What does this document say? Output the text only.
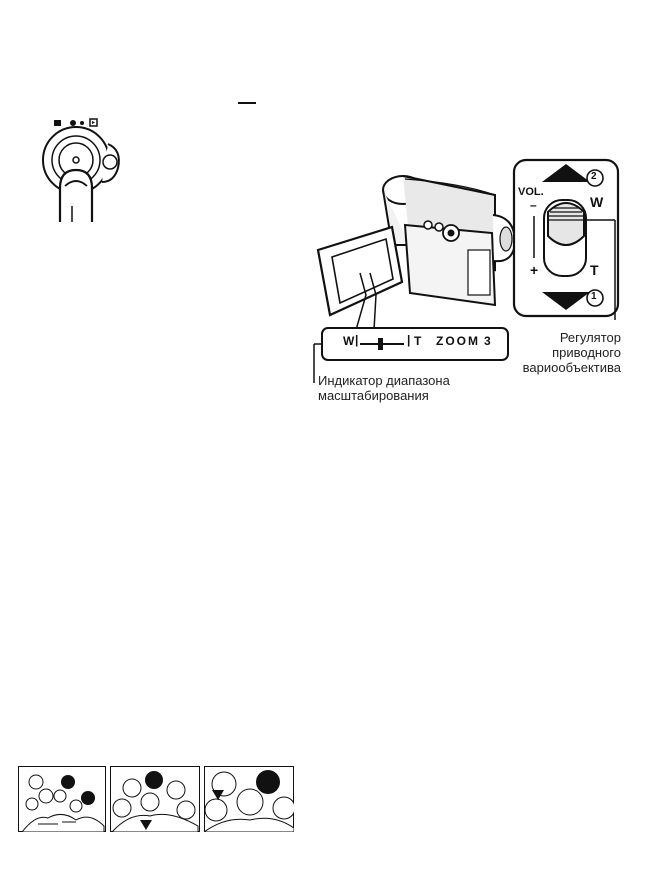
VOL.
–
+
W
T
2
1
W |	| T ZOOM 3	Регулятор
приводного
вариообъектива
Индикатор диапазона
масштабирования
